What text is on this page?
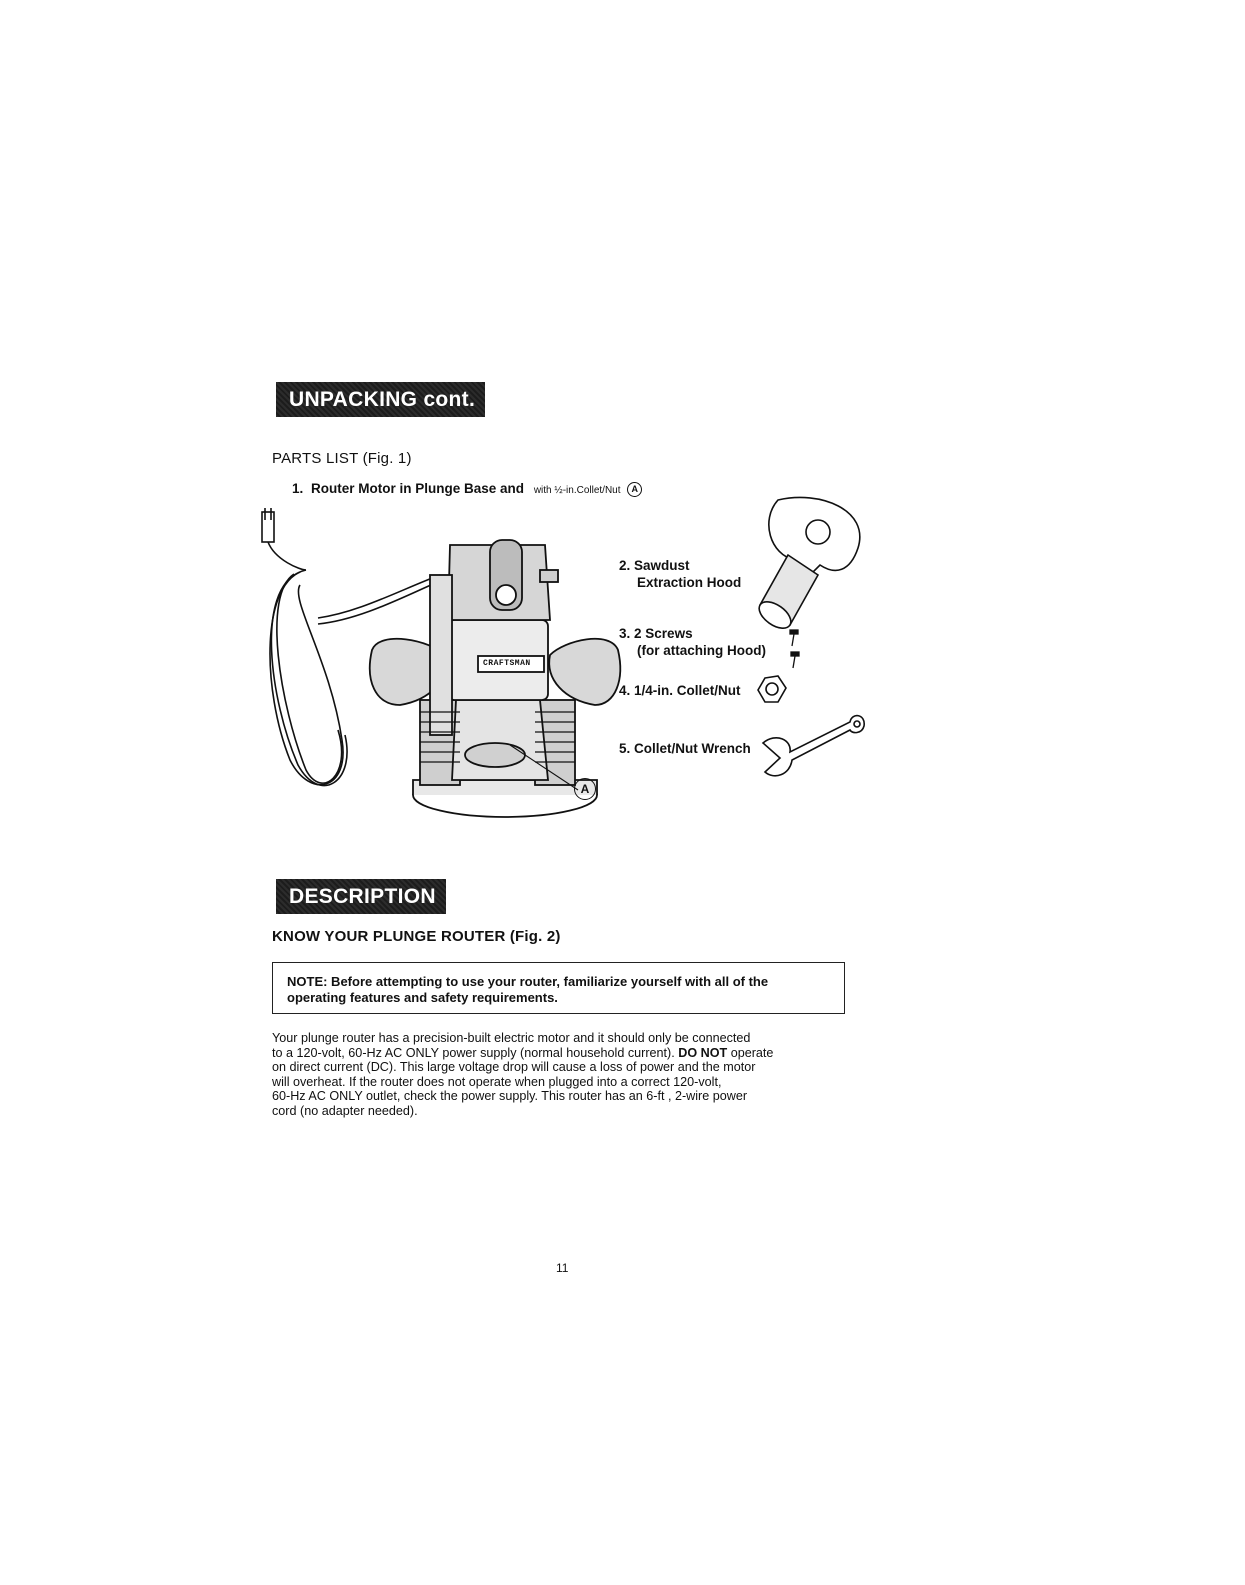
UNPACKING cont.
PARTS LIST (Fig. 1)
1. Router Motor in Plunge Base and with ½-in.Collet/Nut A
CRAFTSMAN
A
2. Sawdust
Extraction Hood
3. 2 Screws
(for attaching Hood)
4. 1/4-in. Collet/Nut
5. Collet/Nut Wrench
DESCRIPTION
KNOW YOUR PLUNGE ROUTER (Fig. 2)
NOTE: Before attempting to use your router, familiarize yourself with all of the
operating features and safety requirements.
Your plunge router has a precision-built electric motor and it should only be connected
to a 120-volt, 60-Hz AC ONLY power supply (normal household current). DO NOT operate
on direct current (DC). This large voltage drop will cause a loss of power and the motor
will overheat. If the router does not operate when plugged into a correct 120-volt,
60-Hz AC ONLY outlet, check the power supply. This router has an 6-ft , 2-wire power
cord (no adapter needed).
11
